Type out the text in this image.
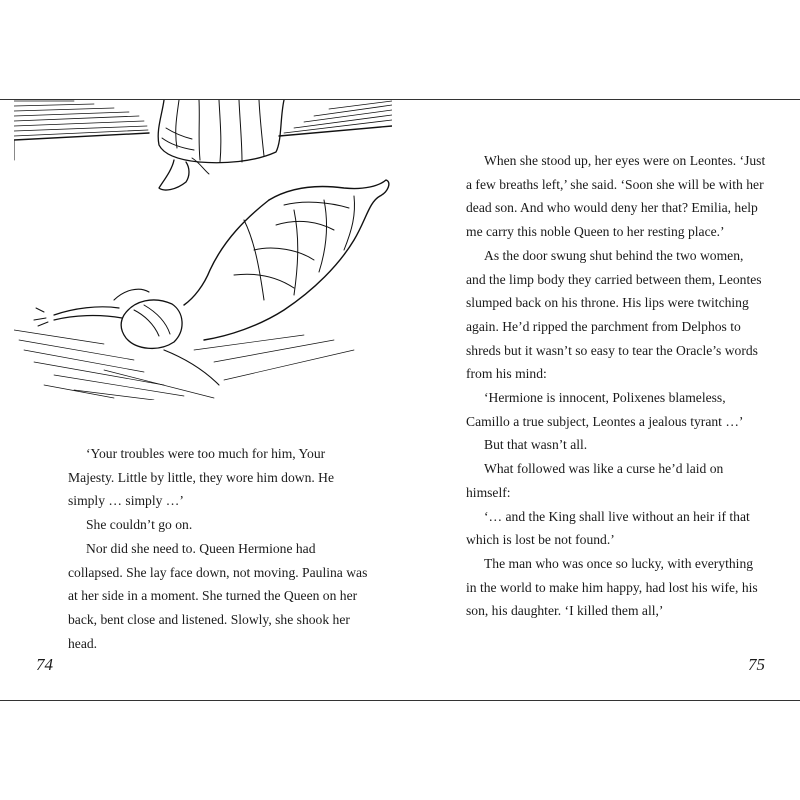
‘Your troubles were too much for him, Your Majesty. Little by little, they wore him down. He simply … simply …’

She couldn’t go on.

Nor did she need to. Queen Hermione had collapsed. She lay face down, not moving. Paulina was at her side in a moment. She turned the Queen on her back, bent close and listened. Slowly, she shook her head.

When she stood up, her eyes were on Leontes. ‘Just a few breaths left,’ she said. ‘Soon she will be with her dead son. And who would deny her that? Emilia, help me carry this noble Queen to her resting place.’

As the door swung shut behind the two women, and the limp body they carried between them, Leontes slumped back on his throne. His lips were twitching again. He’d ripped the parchment from Delphos to shreds but it wasn’t so easy to tear the Oracle’s words from his mind:

‘Hermione is innocent, Polixenes blameless, Camillo a true subject, Leontes a jealous tyrant …’

But that wasn’t all.

What followed was like a curse he’d laid on himself:

‘… and the King shall live without an heir if that which is lost be not found.’

The man who was once so lucky, with everything in the world to make him happy, had lost his wife, his son, his daughter. ‘I killed them all,’

74	75
